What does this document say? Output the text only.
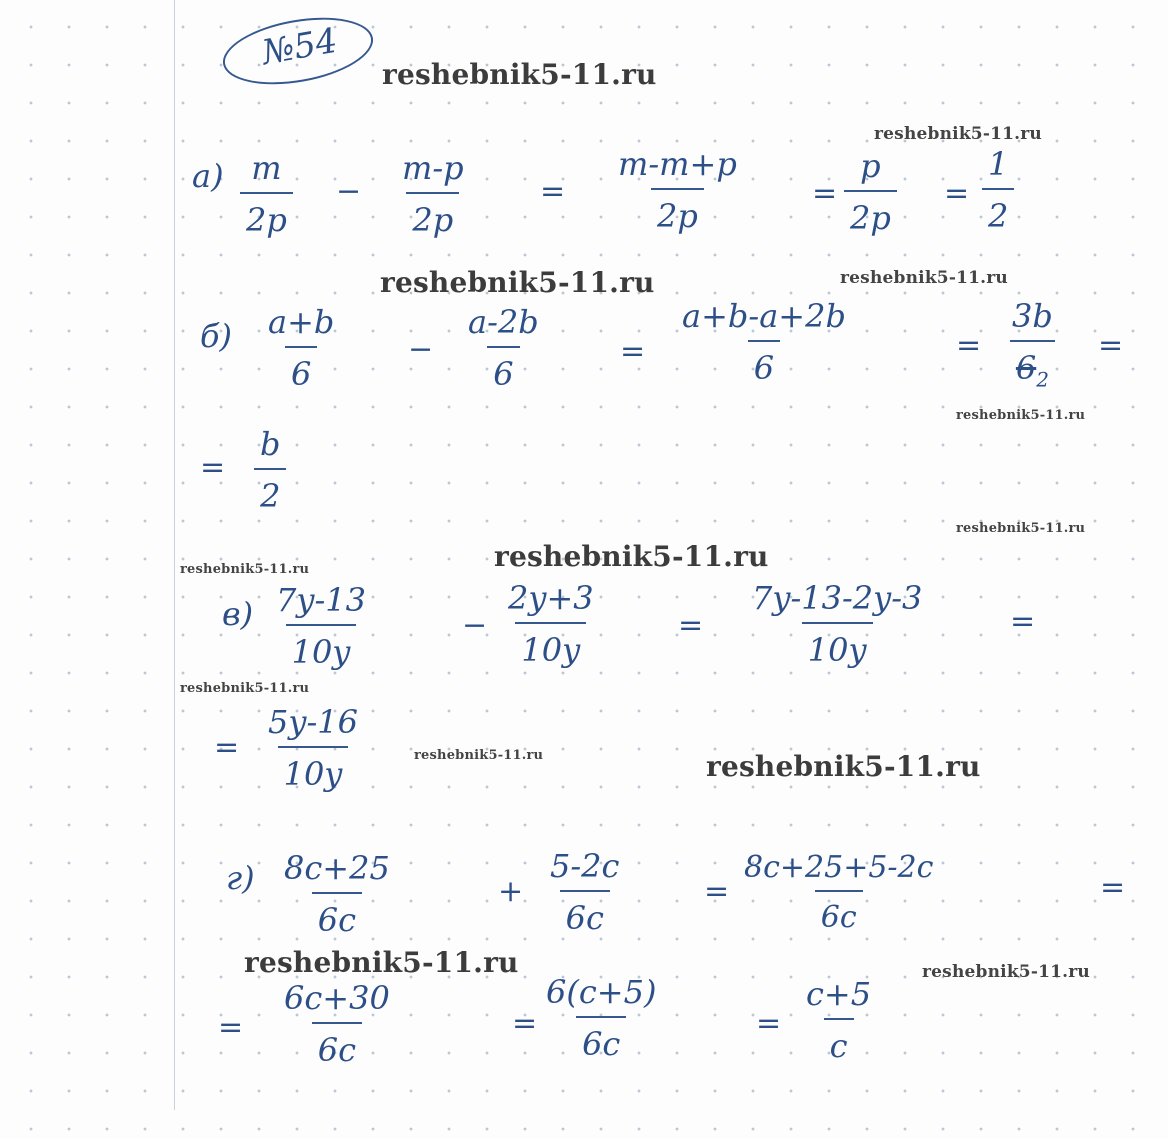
№54
reshebnik5-11.ru
reshebnik5-11.ru
reshebnik5-11.ru	reshebnik5-11.ru
reshebnik5-11.ru
reshebnik5-11.ru
reshebnik5-11.ru
reshebnik5-11.ru
reshebnik5-11.ru
reshebnik5-11.ru	reshebnik5-11.ru
reshebnik5-11.ru	reshebnik5-11.ru
$а) \frac{m}{2p} - \frac{m-p}{2p} = \frac{m-m+p}{2p} = \frac{p}{2p} = \frac{1}{2}$
$б) \frac{a+b}{6} - \frac{a-2b}{6}$	= $\frac{a+b-a+2b}{6}$	= $\frac{3b}{6_2}$ =
= $\frac{b}{2}$
$в) \frac{7y-13}{10y}$	− $\frac{2y+3}{10y}$	= $\frac{7y-13-2y-3}{10y}$	=
= $\frac{5y-16}{10y}$
$г) \frac{8c+25}{6c}$	+ $\frac{5-2c}{6c}$	= $\frac{8c+25+5-2c}{6c}$	=
= $\frac{6c+30}{6c}$	= $\frac{6(c+5)}{6c}$	= $\frac{c+5}{c}$
